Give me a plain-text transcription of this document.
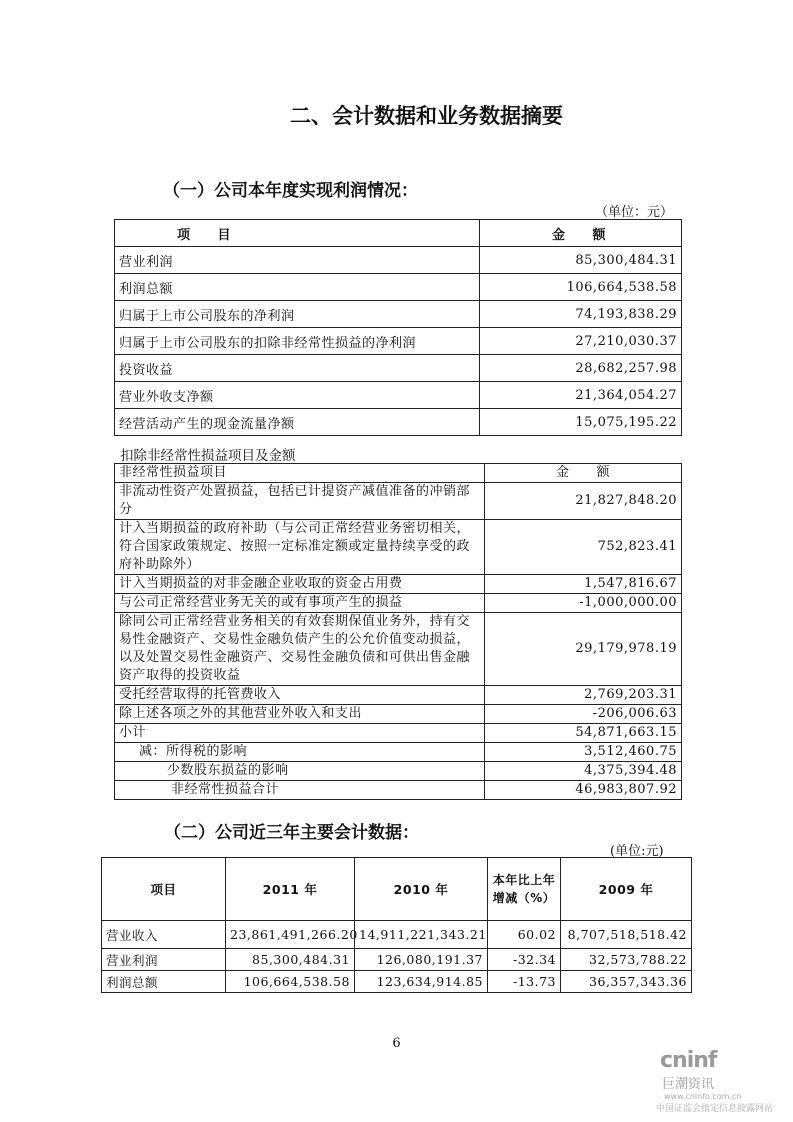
二、会计数据和业务数据摘要
（一）公司本年度实现利润情况：
（单位：元）
项　　目	金　　额
营业利润	85,300,484.31
利润总额	106,664,538.58
归属于上市公司股东的净利润	74,193,838.29
归属于上市公司股东的扣除非经常性损益的净利润	27,210,030.37
投资收益	28,682,257.98
营业外收支净额	21,364,054.27
经营活动产生的现金流量净额	15,075,195.22
扣除非经常性损益项目及金额
非经常性损益项目	金　　额
非流动性资产处置损益，包括已计提资产减值准备的冲销部分	21,827,848.20
计入当期损益的政府补助（与公司正常经营业务密切相关，符合国家政策规定、按照一定标准定额或定量持续享受的政府补助除外）	752,823.41
计入当期损益的对非金融企业收取的资金占用费	1,547,816.67
与公司正常经营业务无关的或有事项产生的损益	-1,000,000.00
除同公司正常经营业务相关的有效套期保值业务外，持有交易性金融资产、交易性金融负债产生的公允价值变动损益，以及处置交易性金融资产、交易性金融负债和可供出售金融资产取得的投资收益	29,179,978.19
受托经营取得的托管费收入	2,769,203.31
除上述各项之外的其他营业外收入和支出	-206,006.63
小计	54,871,663.15
减：所得税的影响	3,512,460.75
少数股东损益的影响	4,375,394.48
非经常性损益合计	46,983,807.92
（二）公司近三年主要会计数据：
(单位:元)
项目	2011 年	2010 年	本年比上年增减（%）	2009 年
营业收入	23,861,491,266.20	14,911,221,343.21	60.02	8,707,518,518.42
营业利润	85,300,484.31	126,080,191.37	-32.34	32,573,788.22
利润总额	106,664,538.58	123,634,914.85	-13.73	36,357,343.36
6
cninf
巨潮资讯
www.cninfo.com.cn
中国证监会指定信息披露网站
